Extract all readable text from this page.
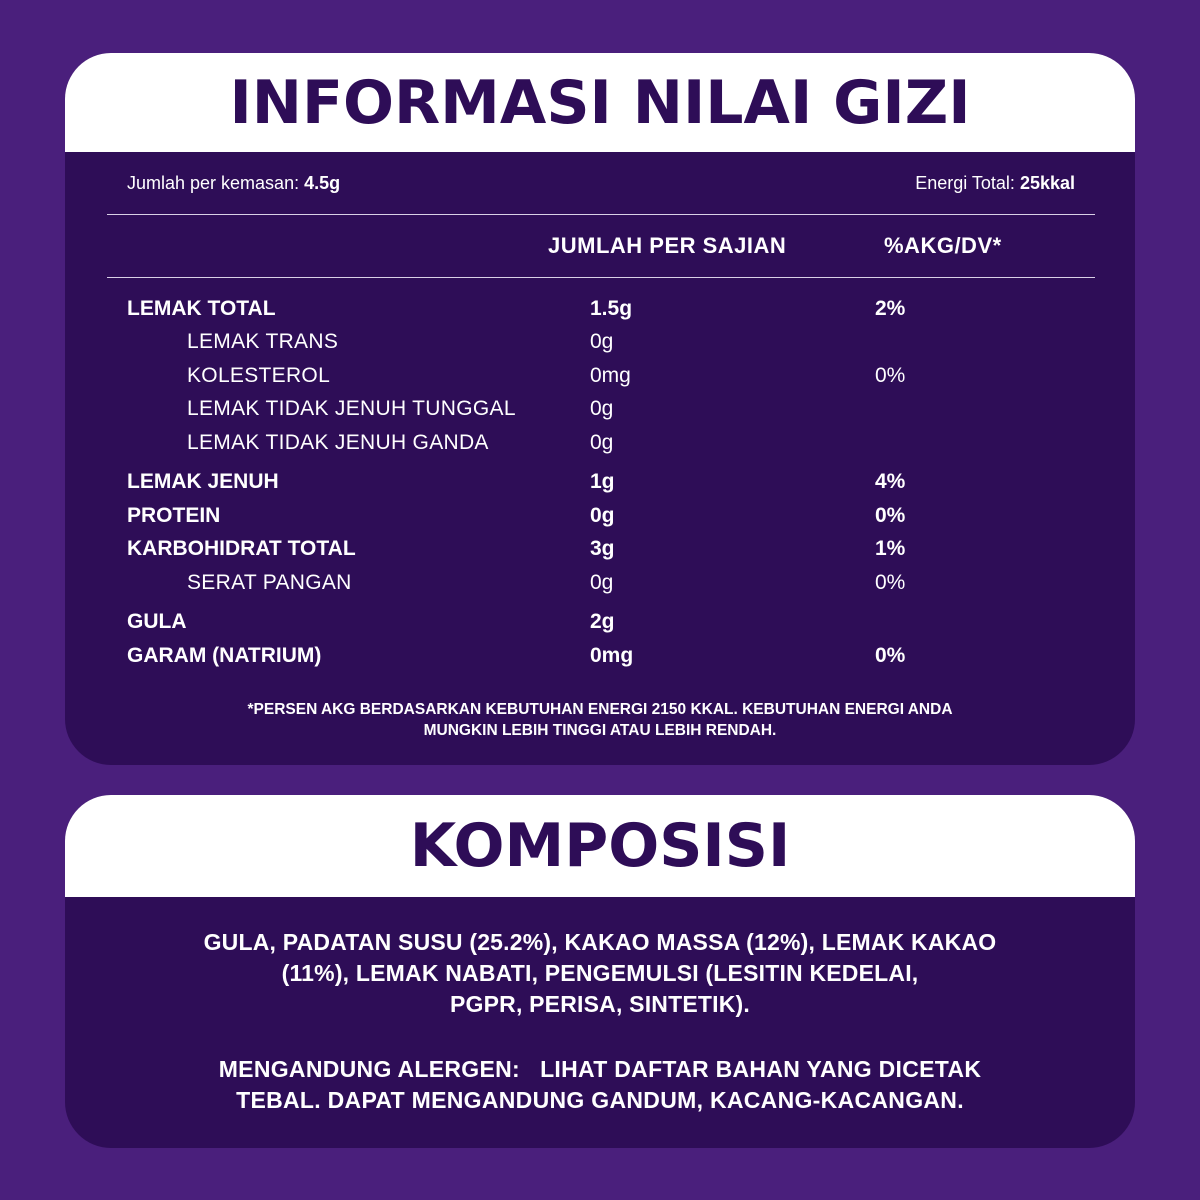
INFORMASI NILAI GIZI
Jumlah per kemasan: 4.5g	Energi Total: 25kkal
JUMLAH PER SAJIAN	%AKG/DV*
LEMAK TOTAL	1.5g	2%
LEMAK TRANS	0g
KOLESTEROL	0mg	0%
LEMAK TIDAK JENUH TUNGGAL	0g
LEMAK TIDAK JENUH GANDA	0g
LEMAK JENUH	1g	4%
PROTEIN	0g	0%
KARBOHIDRAT TOTAL	3g	1%
SERAT PANGAN	0g	0%
GULA	2g
GARAM (NATRIUM)	0mg	0%
*PERSEN AKG BERDASARKAN KEBUTUHAN ENERGI 2150 KKAL. KEBUTUHAN ENERGI ANDA
MUNGKIN LEBIH TINGGI ATAU LEBIH RENDAH.
KOMPOSISI
GULA, PADATAN SUSU (25.2%), KAKAO MASSA (12%), LEMAK KAKAO
(11%), LEMAK NABATI, PENGEMULSI (LESITIN KEDELAI,
PGPR, PERISA, SINTETIK).
MENGANDUNG ALERGEN:   LIHAT DAFTAR BAHAN YANG DICETAK
TEBAL. DAPAT MENGANDUNG GANDUM, KACANG-KACANGAN.
